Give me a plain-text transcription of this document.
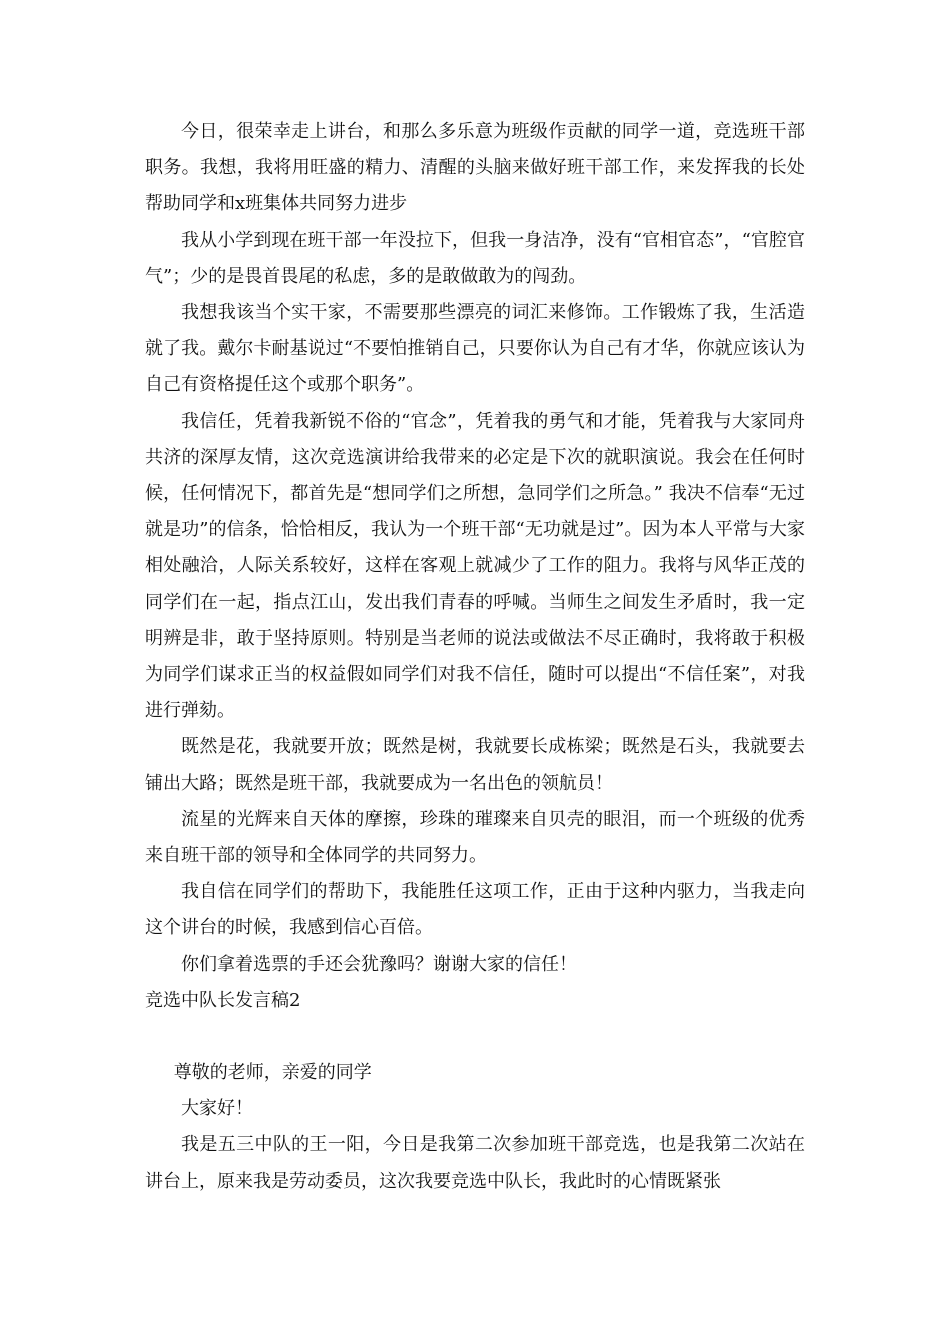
今日，很荣幸走上讲台，和那么多乐意为班级作贡献的同学一道，竞选班干部职务。我想，我将用旺盛的精力、清醒的头脑来做好班干部工作，来发挥我的长处帮助同学和x班集体共同努力进步

我从小学到现在班干部一年没拉下，但我一身洁净，没有“官相官态”，“官腔官气”；少的是畏首畏尾的私虑，多的是敢做敢为的闯劲。

我想我该当个实干家，不需要那些漂亮的词汇来修饰。工作锻炼了我，生活造就了我。戴尔卡耐基说过“不要怕推销自己，只要你认为自己有才华，你就应该认为自己有资格提任这个或那个职务”。

我信任，凭着我新锐不俗的“官念”，凭着我的勇气和才能，凭着我与大家同舟共济的深厚友情，这次竞选演讲给我带来的必定是下次的就职演说。我会在任何时候，任何情况下，都首先是“想同学们之所想，急同学们之所急。” 我决不信奉“无过就是功”的信条，恰恰相反，我认为一个班干部“无功就是过”。因为本人平常与大家相处融洽，人际关系较好，这样在客观上就减少了工作的阻力。我将与风华正茂的同学们在一起，指点江山，发出我们青春的呼喊。当师生之间发生矛盾时，我一定明辨是非，敢于坚持原则。特别是当老师的说法或做法不尽正确时，我将敢于积极为同学们谋求正当的权益假如同学们对我不信任，随时可以提出“不信任案”，对我进行弹劾。

既然是花，我就要开放；既然是树，我就要长成栋梁；既然是石头，我就要去铺出大路；既然是班干部，我就要成为一名出色的领航员！

流星的光辉来自天体的摩擦，珍珠的璀璨来自贝壳的眼泪，而一个班级的优秀来自班干部的领导和全体同学的共同努力。

我自信在同学们的帮助下，我能胜任这项工作，正由于这种内驱力，当我走向这个讲台的时候，我感到信心百倍。

你们拿着选票的手还会犹豫吗？谢谢大家的信任！

竞选中队长发言稿2

尊敬的老师，亲爱的同学

大家好！

我是五三中队的王一阳，今日是我第二次参加班干部竞选，也是我第二次站在讲台上，原来我是劳动委员，这次我要竞选中队长，我此时的心情既紧张
